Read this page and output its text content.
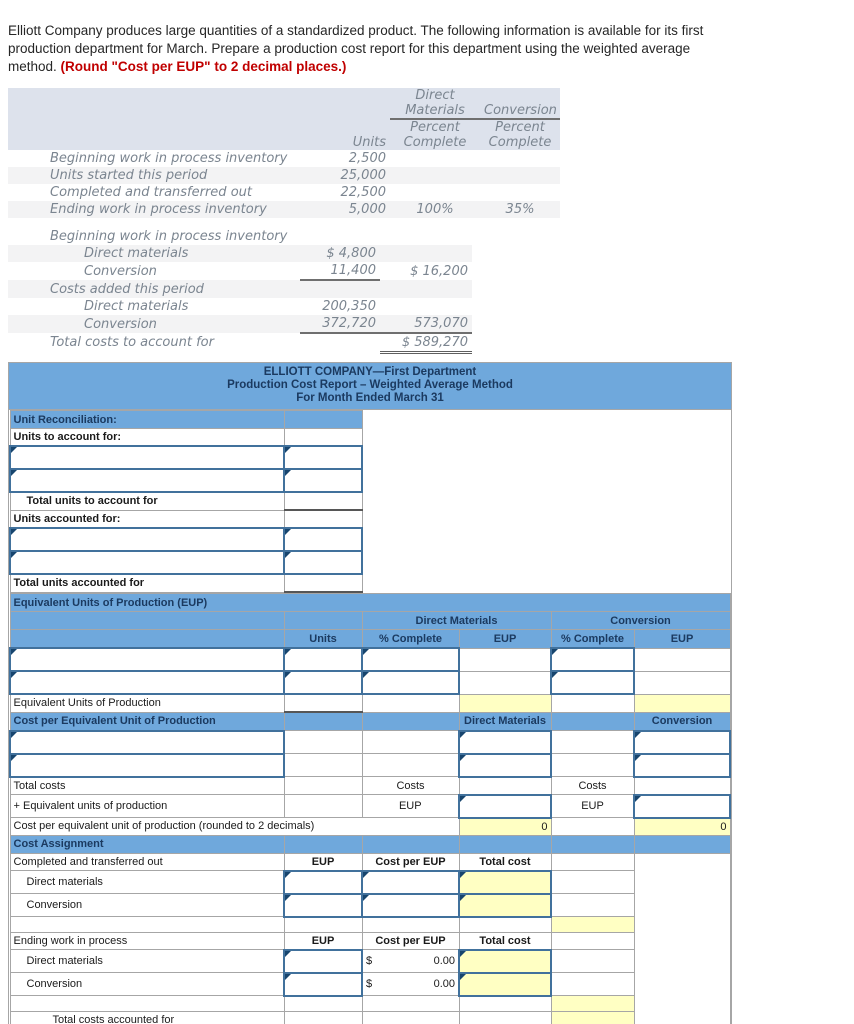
Elliott Company produces large quantities of a standardized product. The following information is available for its first
production department for March. Prepare a production cost report for this department using the weighted average
method. (Round "Cost per EUP" to 2 decimal places.)
		Direct	
		Materials	Conversion
		Percent	Percent
	Units	Complete	Complete
Beginning work in process inventory	2,500		
Units started this period	25,000		
Completed and transferred out	22,500		
Ending work in process inventory	5,000	100%	35%
Beginning work in process inventory		
Direct materials	$ 4,800	
Conversion	11,400	$ 16,200
Costs added this period		
Direct materials	200,350	
Conversion	372,720	573,070
Total costs to account for		$ 589,270
ELLIOTT COMPANY—First Department
Production Cost Report – Weighted Average Method
For Month Ended March 31
Unit Reconciliation:	
Units to account for:	

Total units to account for	
Units accounted for:	

Total units accounted for	
Equivalent Units of Production (EUP)					
		Direct Materials		Conversion	
	Units	% Complete	EUP	% Complete	EUP

Equivalent Units of Production					
Cost per Equivalent Unit of Production			Direct Materials		Conversion

Total costs		Costs		Costs	
+ Equivalent units of production		EUP		EUP	
Cost per equivalent unit of production (rounded to 2 decimals)			0		0
Cost Assignment					
Completed and transferred out	EUP	Cost per EUP	Total cost		
Direct materials					
Conversion					

Ending work in process	EUP	Cost per EUP	Total cost		
Direct materials		$ 0.00			
Conversion		$ 0.00			

Total costs accounted for					
